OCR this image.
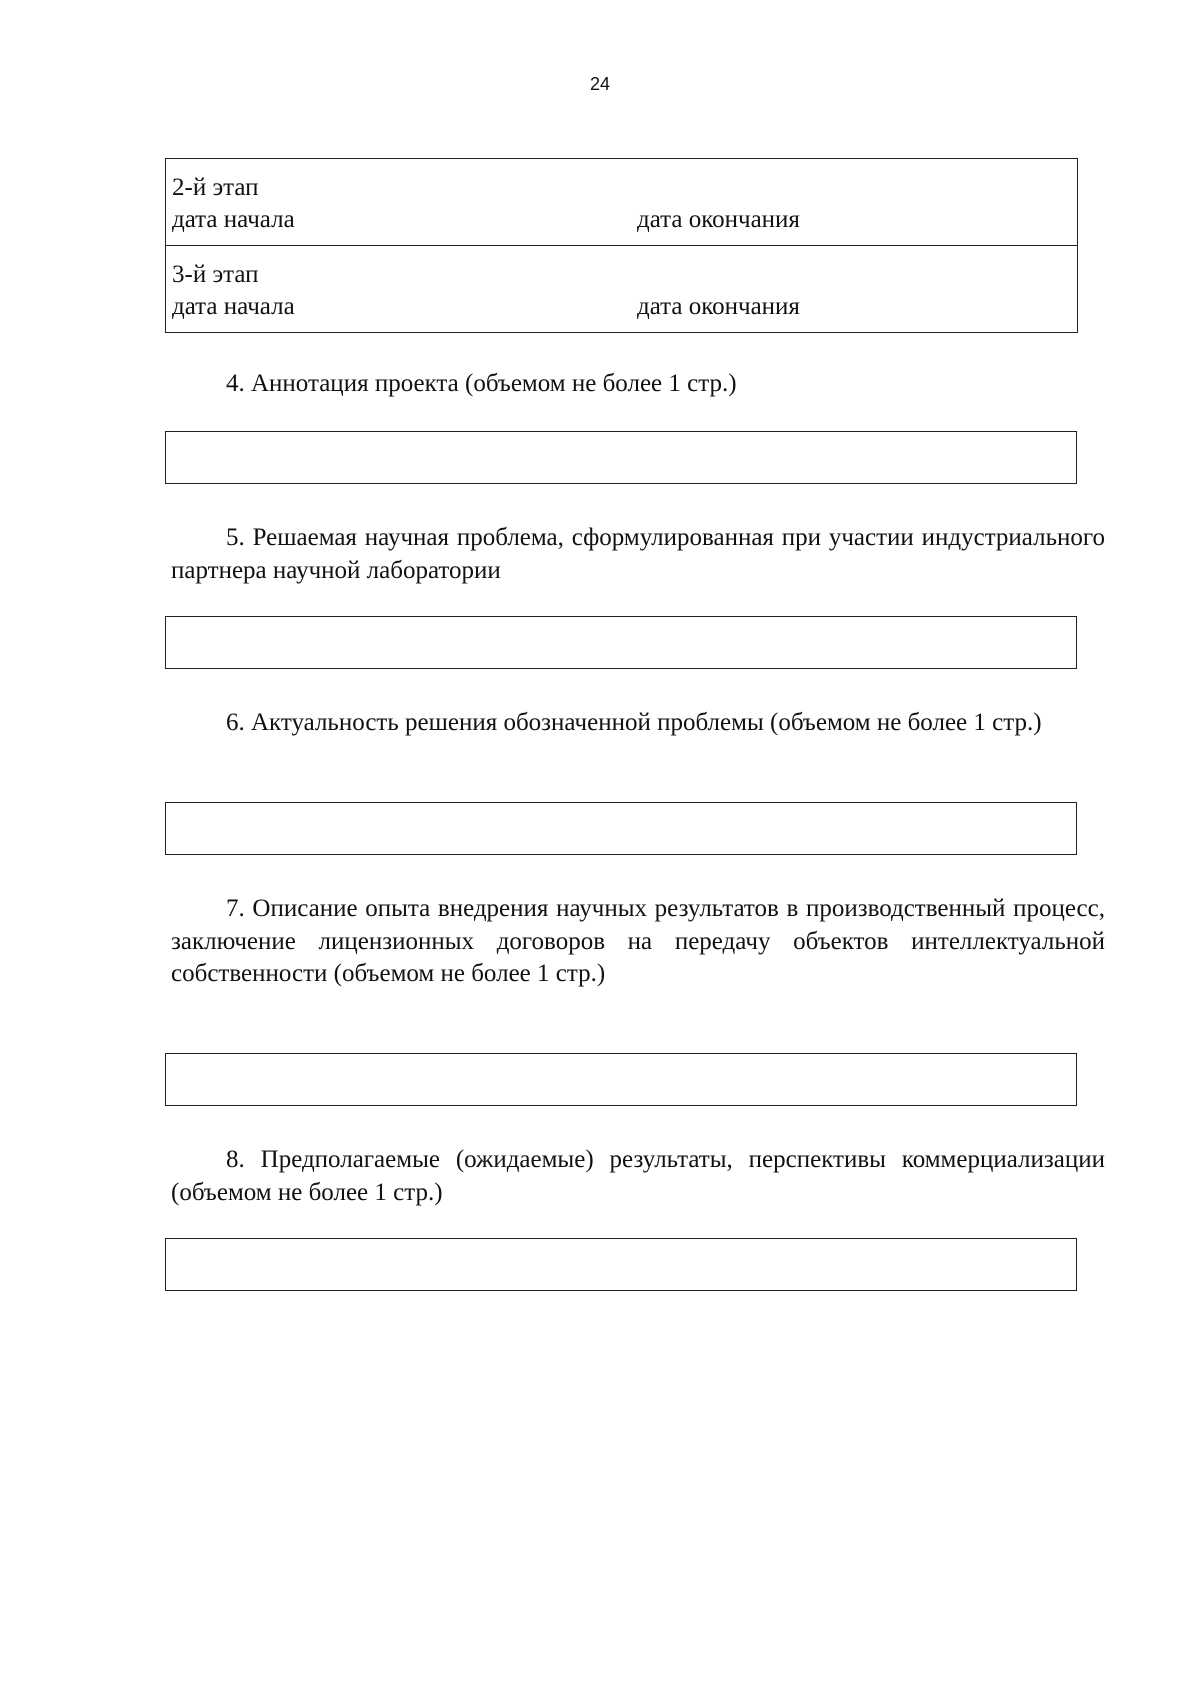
24
2-й этап
дата начала	дата окончания

3-й этап
дата начала	дата окончания
4. Аннотация проекта (объемом не более 1 стр.)
5. Решаемая научная проблема, сформулированная при участии индустриального партнера научной лаборатории
6. Актуальность решения обозначенной проблемы (объемом не более 1 стр.)
7. Описание опыта внедрения научных результатов в производственный процесс, заключение лицензионных договоров на передачу объектов интеллектуальной собственности (объемом не более 1 стр.)
8. Предполагаемые (ожидаемые) результаты, перспективы коммерциализации (объемом не более 1 стр.)
